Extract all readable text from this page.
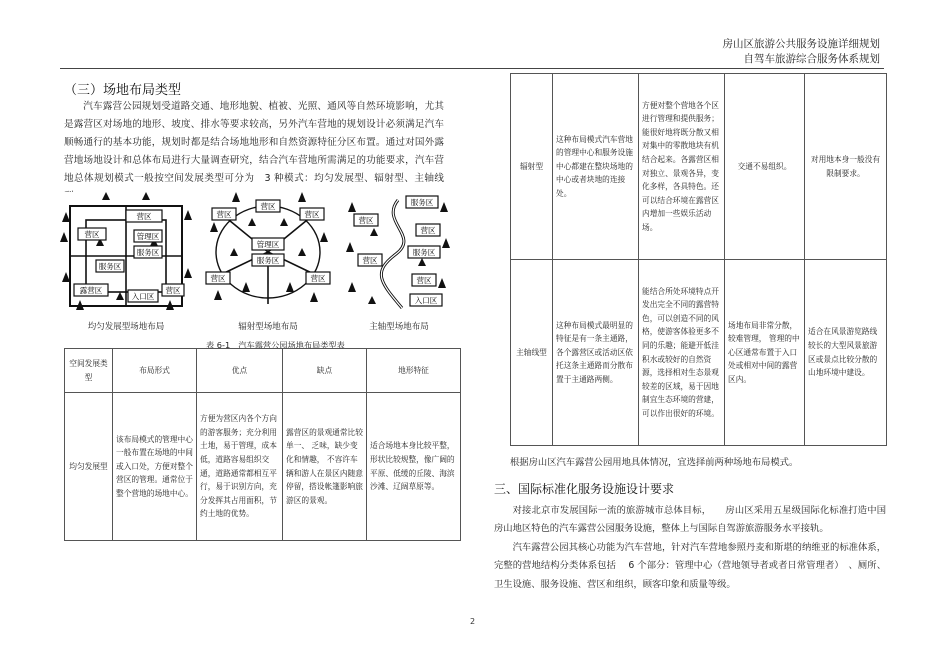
房山区旅游公共服务设施详细规划
自驾车旅游综合服务体系规划
（三）场地布局类型
汽车露营公园规划受道路交通、地形地貌、植被、光照、通风等自然环境影响，尤其是露营区对场地的地形、坡度、排水等要求较高，另外汽车营地的规划设计必须满足汽车顺畅通行的基本功能，规划时都是结合场地地形和自然资源特征分区布置。通过对国外露营地场地设计和总体布局进行大量调查研究，结合汽车营地所需满足的功能要求，汽车营地总体规划模式一般按空间发展类型可分为　3 种模式：均匀发展型、辐射型、主轴线
营区
管理区
服务区
营区
服务区
露营区
入口区
营区
均匀发展型场地布局
营区	营区
营区
管理区
服务区
营区	营区
辐射型场地布局
服务区
营区
营区
营区
服务区
营区
入口区
主轴型场地布局
表 6-1　汽车露营公园场地布局类型表
空间发展类型	布局形式	优点	缺点	地形特征
均匀发展型	该布局模式的管理中心一般布置在场地的中间或入口处，方便对整个营区的管理。通常位于整个营地的场地中心。	方便为营区内各个方向的游客服务；充分利用土地，易于管理，成本低，道路容易组织交通，道路通常都相互平行，易于识别方向，充分发挥其占用面积，节约土地的优势。	露营区的景观通常比较单一、 乏味，缺少变化和情趣， 不容许车辆和游人在景区内随意停留，搭设帐篷影响旅游区的景观。	适合场地本身比较平整，形状比较规整，像广阔的平原、低缓的丘陵、海滨沙滩、辽阔草原等。
辐射型	这种布局模式汽车营地的管理中心和服务设施中心都建在整块场地的中心或者块地的连接处。	方便对整个营地各个区进行管理和提供服务；能很好地将既分散又相对集中的零散地块有机结合起来。各露营区相对独立、景观各异，变化多样，各具特色。还可以结合环境在露营区内增加一些娱乐活动场。	交通不易组织。	对用地本身一般没有限制要求。
主轴线型	这种布局模式最明显的特征是有一条主通路，各个露营区或活动区依托这条主通路而分散布置于主通路两侧。	能结合所处环境特点开发出完全不同的露营特色，可以创造不同的风格，使游客体验更多不同的乐趣；能避开低洼积水或较好的自然资源，选择相对生态景观较差的区域，易于因地制宜生态环境的营建，可以作出很好的环境。	场地布局非常分散，较难管理， 管理的中心区通常布置于入口处或相对中间的露营区内。	适合在风景游览路线较长的大型风景旅游区或景点比较分散的山地环境中建设。
根据房山区汽车露营公园用地具体情况，宜选择前两种场地布局模式。
三、国际标准化服务设施设计要求
对接北京市发展国际一流的旅游城市总体目标，　　房山区采用五星级国际化标准打造中国房山地区特色的汽车露营公园服务设施，整体上与国际自驾游旅游服务水平接轨。
汽车露营公园其核心功能为汽车营地，针对汽车营地参照丹麦和斯堪的纳维亚的标准体系，完整的营地结构分类体系包括　 6 个部分：管理中心（营地领导者或者日常管理者）　、厕所、卫生设施、服务设施、营区和组织，顾客印象和质量等级。
2
